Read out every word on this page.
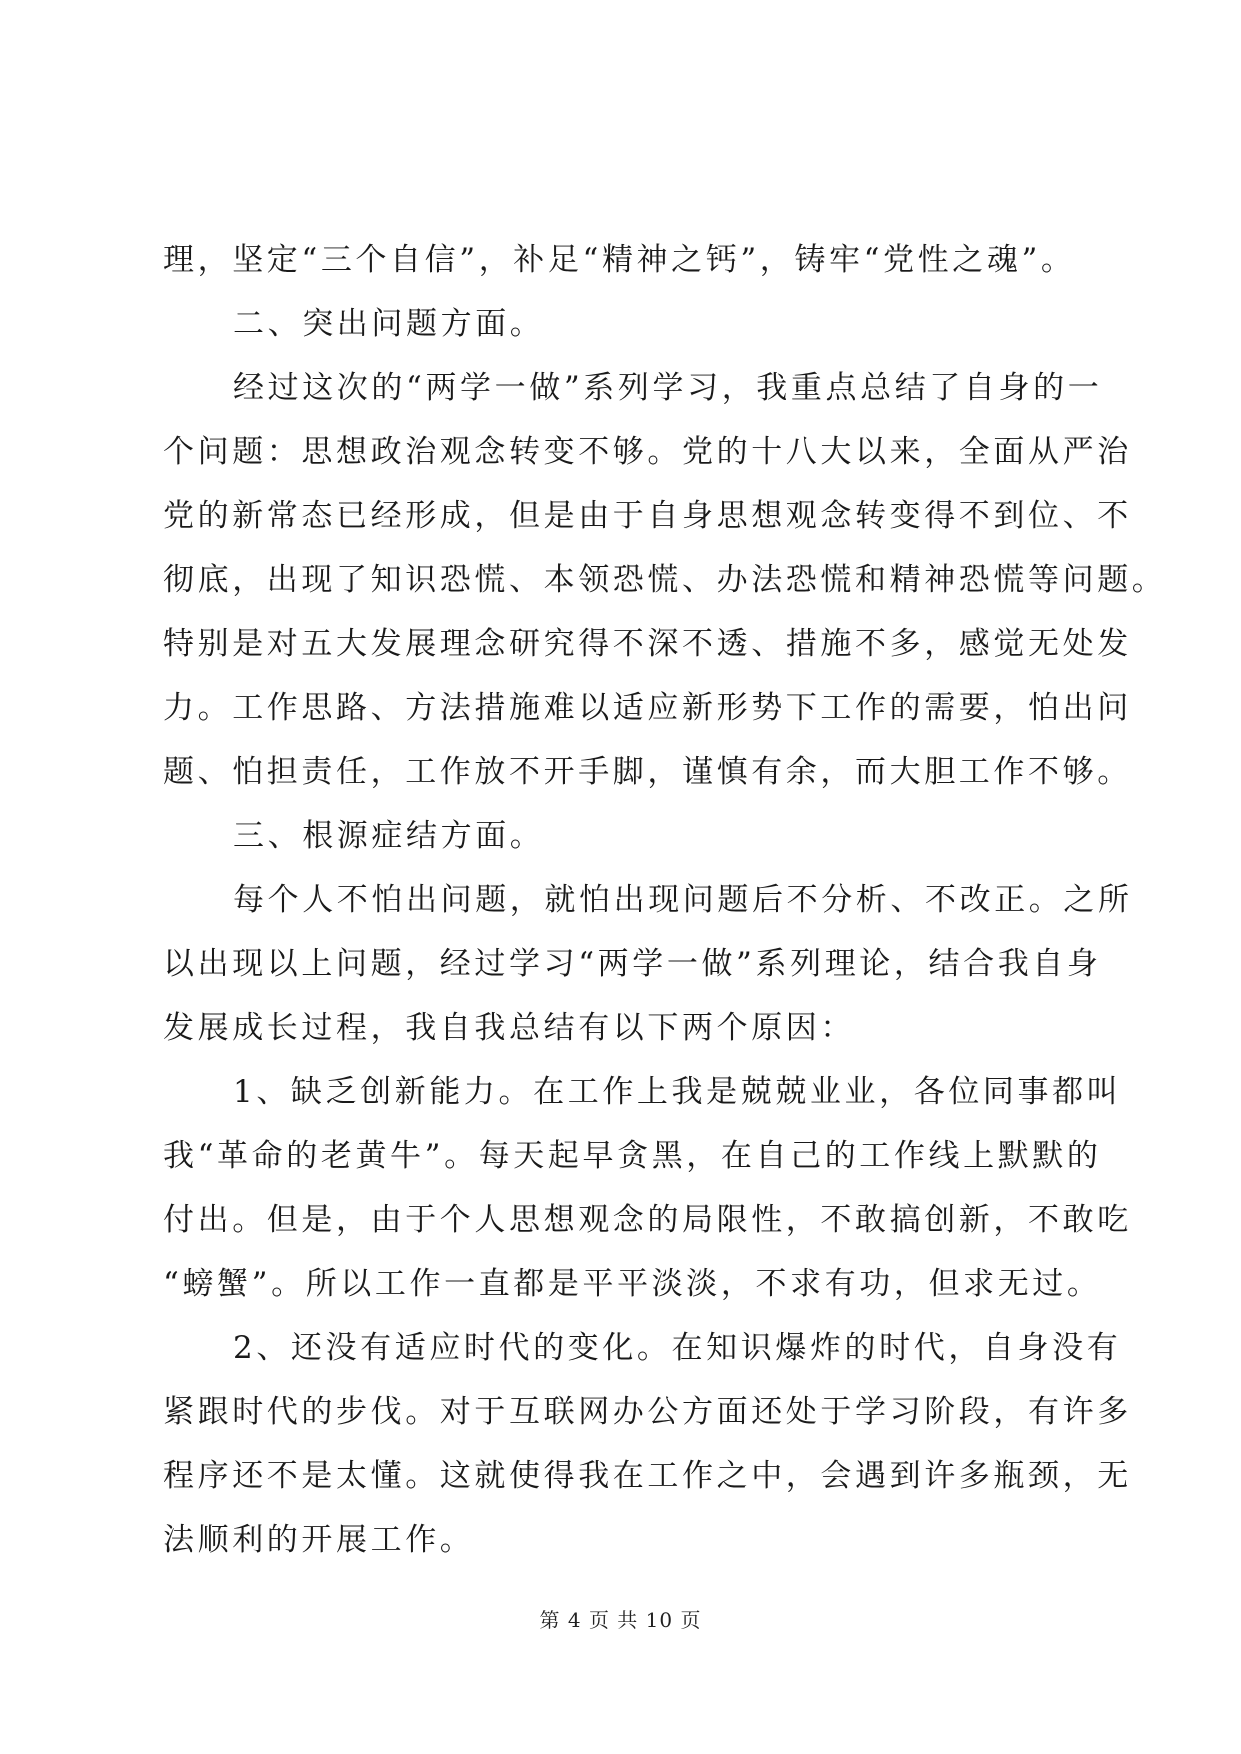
理，坚定“三个自信”，补足“精神之钙”，铸牢“党性之魂”。
二、突出问题方面。
经过这次的“两学一做”系列学习，我重点总结了自身的一
个问题：思想政治观念转变不够。党的十八大以来，全面从严治
党的新常态已经形成，但是由于自身思想观念转变得不到位、不
彻底，出现了知识恐慌、本领恐慌、办法恐慌和精神恐慌等问题。
特别是对五大发展理念研究得不深不透、措施不多，感觉无处发
力。工作思路、方法措施难以适应新形势下工作的需要，怕出问
题、怕担责任，工作放不开手脚，谨慎有余，而大胆工作不够。
三、根源症结方面。
每个人不怕出问题，就怕出现问题后不分析、不改正。之所
以出现以上问题，经过学习“两学一做”系列理论，结合我自身
发展成长过程，我自我总结有以下两个原因：
1、缺乏创新能力。在工作上我是兢兢业业，各位同事都叫
我“革命的老黄牛”。每天起早贪黑，在自己的工作线上默默的
付出。但是，由于个人思想观念的局限性，不敢搞创新，不敢吃
“螃蟹”。所以工作一直都是平平淡淡，不求有功，但求无过。
2、还没有适应时代的变化。在知识爆炸的时代，自身没有
紧跟时代的步伐。对于互联网办公方面还处于学习阶段，有许多
程序还不是太懂。这就使得我在工作之中，会遇到许多瓶颈，无
法顺利的开展工作。
第 4 页 共 10 页
